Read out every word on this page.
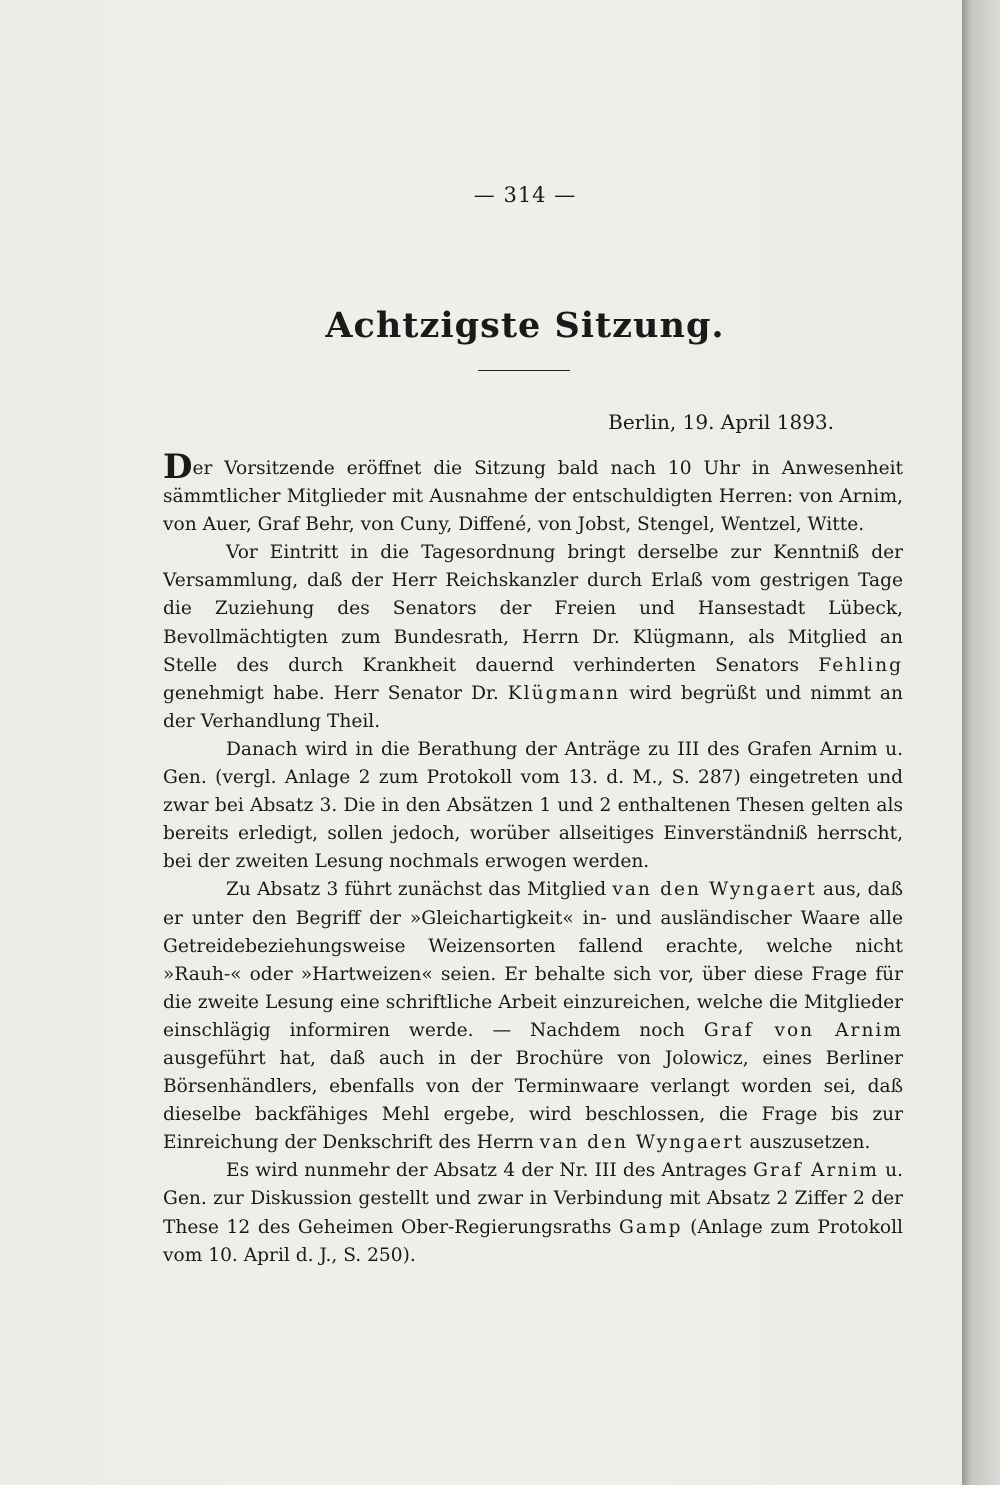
— 314 —
Achtzigste Sitzung.
Berlin, 19. April 1893.

Der Vorsitzende eröffnet die Sitzung bald nach 10 Uhr in Anwesenheit sämmtlicher Mitglieder mit Ausnahme der entschuldigten Herren: von Arnim, von Auer, Graf Behr, von Cuny, Diffené, von Jobst, Stengel, Wentzel, Witte.

Vor Eintritt in die Tagesordnung bringt derselbe zur Kenntniß der Versammlung, daß der Herr Reichskanzler durch Erlaß vom gestrigen Tage die Zuziehung des Senators der Freien und Hansestadt Lübeck, Bevollmächtigten zum Bundesrath, Herrn Dr. Klügmann, als Mitglied an Stelle des durch Krankheit dauernd verhinderten Senators Fehling genehmigt habe. Herr Senator Dr. Klügmann wird begrüßt und nimmt an der Verhandlung Theil.

Danach wird in die Berathung der Anträge zu III des Grafen Arnim u. Gen. (vergl. Anlage 2 zum Protokoll vom 13. d. M., S. 287) eingetreten und zwar bei Absatz 3. Die in den Absätzen 1 und 2 enthaltenen Thesen gelten als bereits erledigt, sollen jedoch, worüber allseitiges Einverständniß herrscht, bei der zweiten Lesung nochmals erwogen werden.

Zu Absatz 3 führt zunächst das Mitglied van den Wyngaert aus, daß er unter den Begriff der »Gleichartigkeit« in- und ausländischer Waare alle Getreidebeziehungsweise Weizensorten fallend erachte, welche nicht »Rauh-« oder »Hartweizen« seien. Er behalte sich vor, über diese Frage für die zweite Lesung eine schriftliche Arbeit einzureichen, welche die Mitglieder einschlägig informiren werde. — Nachdem noch Graf von Arnim ausgeführt hat, daß auch in der Brochüre von Jolowicz, eines Berliner Börsenhändlers, ebenfalls von der Terminwaare verlangt worden sei, daß dieselbe backfähiges Mehl ergebe, wird beschlossen, die Frage bis zur Einreichung der Denkschrift des Herrn van den Wyngaert auszusetzen.

Es wird nunmehr der Absatz 4 der Nr. III des Antrages Graf Arnim u. Gen. zur Diskussion gestellt und zwar in Verbindung mit Absatz 2 Ziffer 2 der These 12 des Geheimen Ober-Regierungsraths Gamp (Anlage zum Protokoll vom 10. April d. J., S. 250).
